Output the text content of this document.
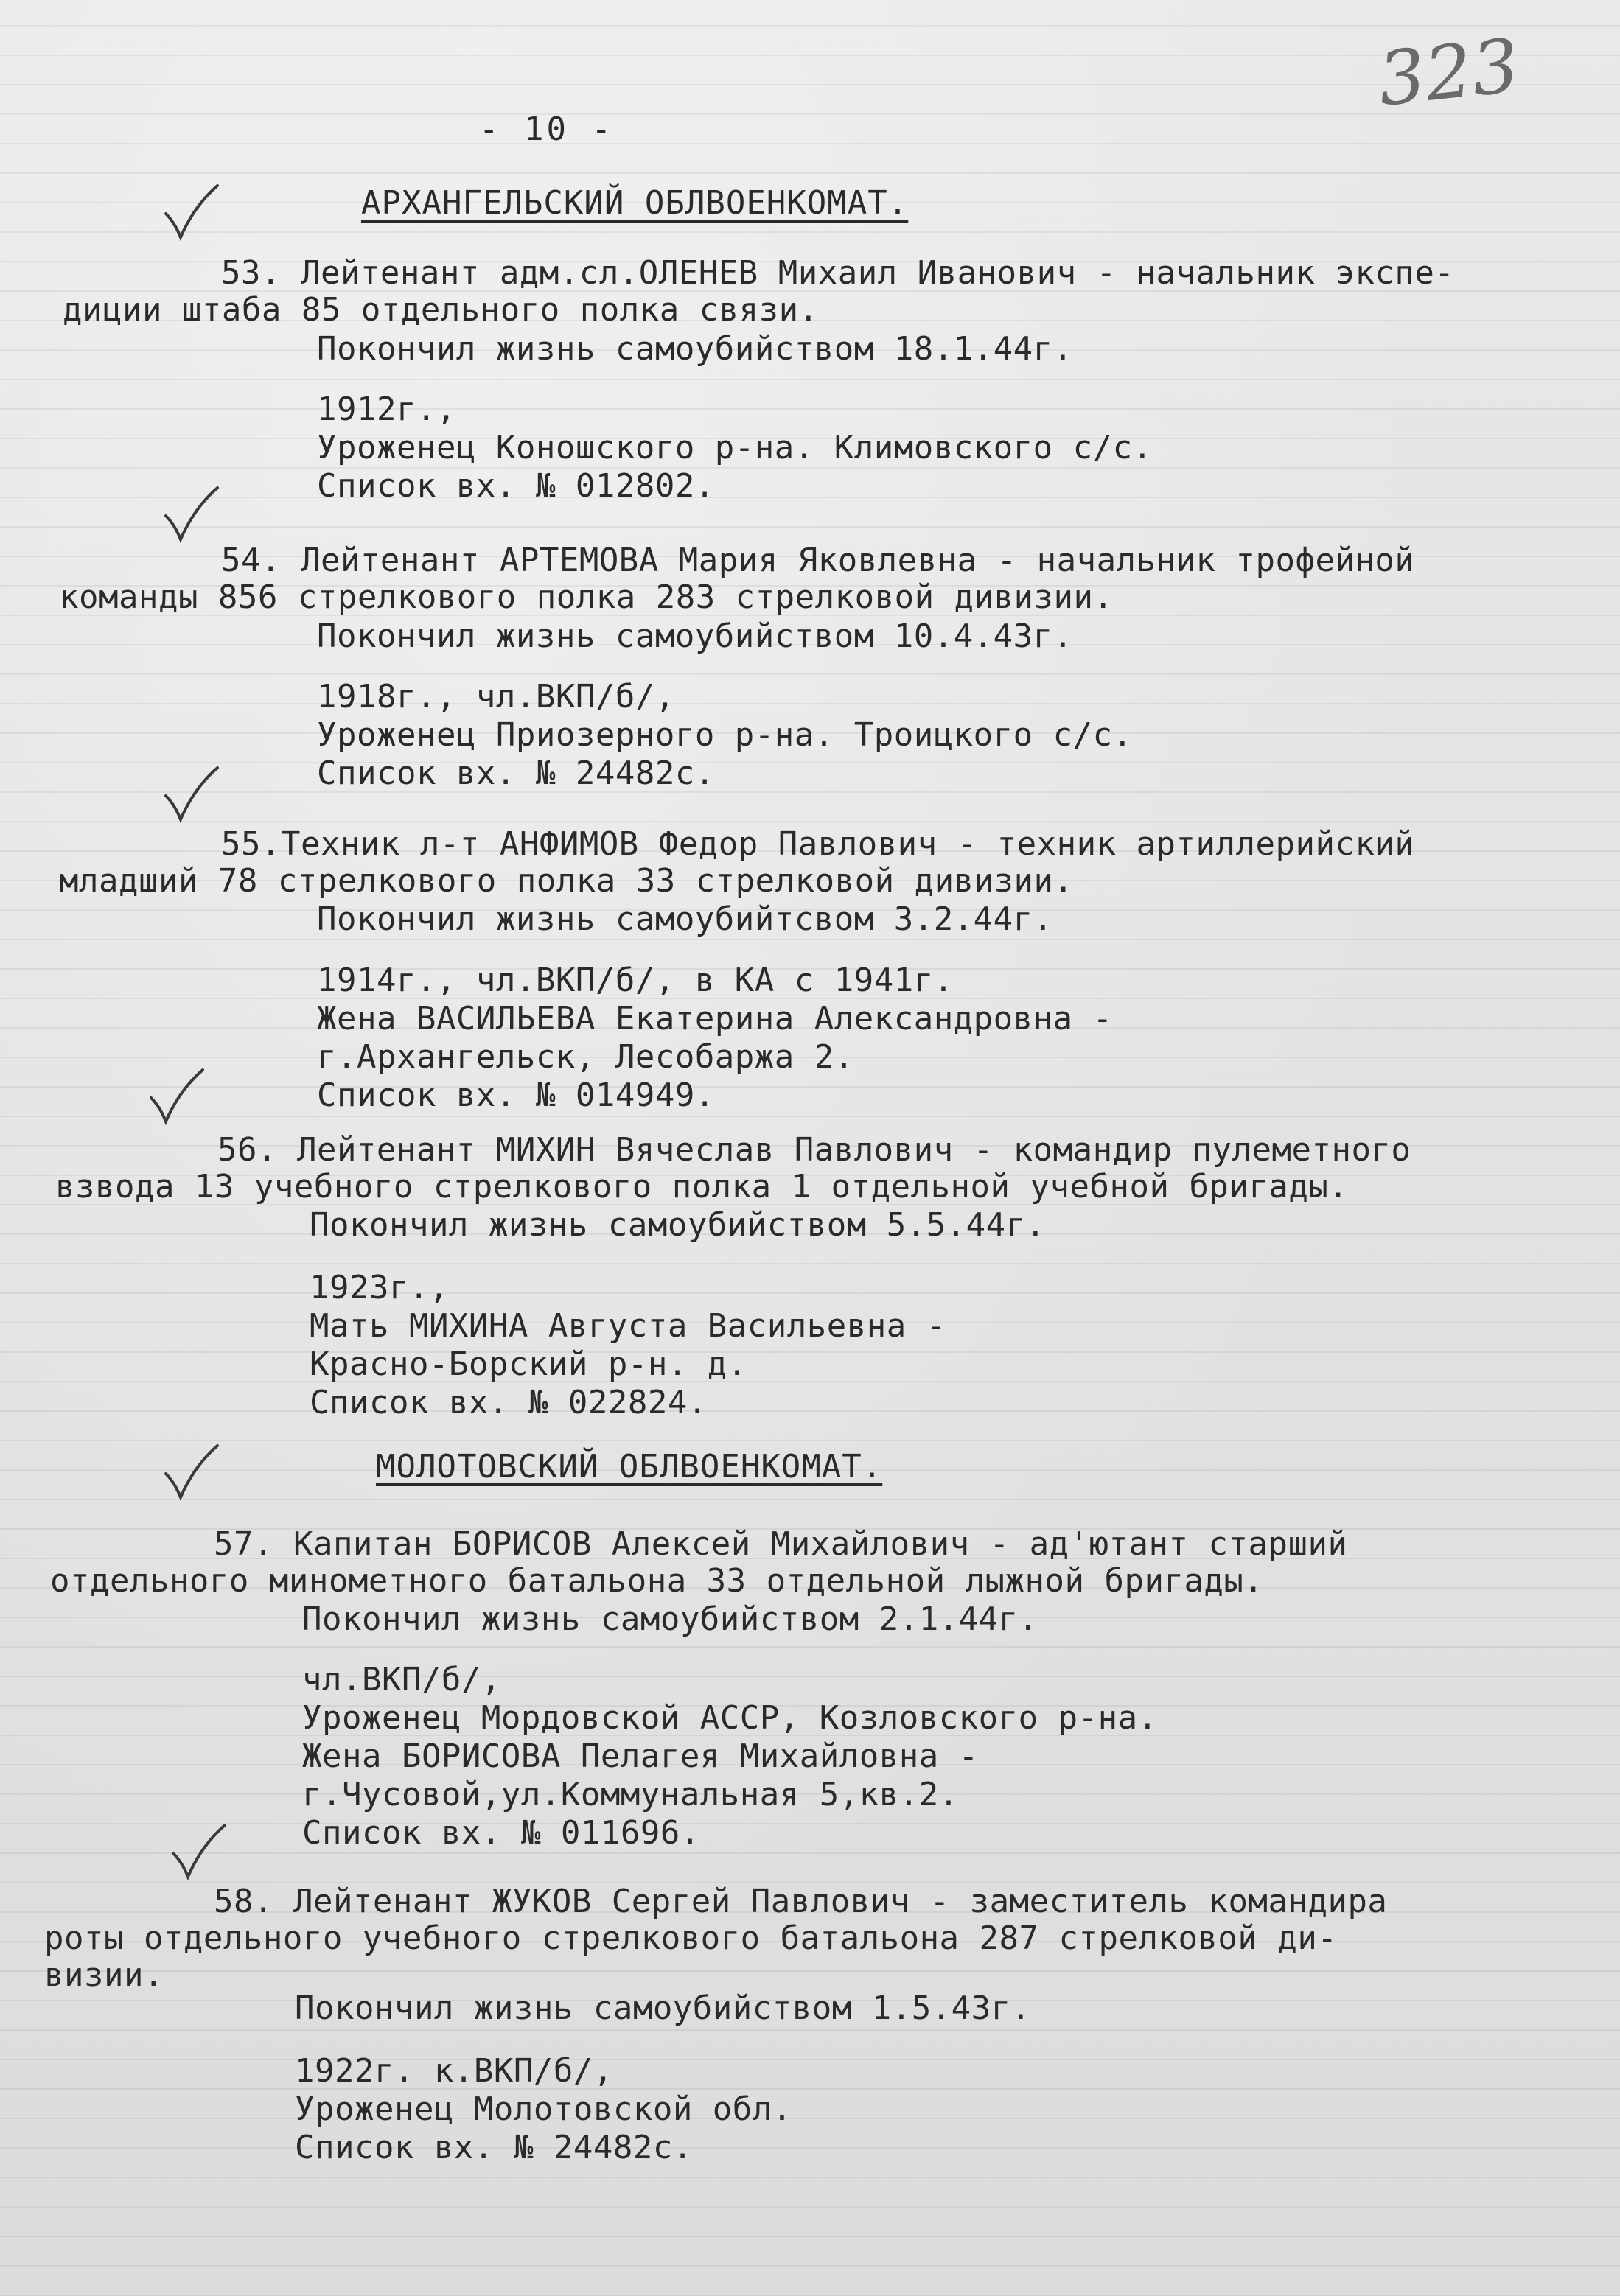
- 10 -
323
АРХАНГЕЛЬСКИЙ ОБЛВОЕНКОМАТ.
53. Лейтенант адм.сл.ОЛЕНЕВ Михаил Иванович - начальник экспе-
диции штаба 85 отдельного полка связи.
Покончил жизнь самоубийством 18.1.44г.
1912г.,
Уроженец Коношского р-на. Климовского с/с.
Список вх. № 012802.
54. Лейтенант АРТЕМОВА Мария Яковлевна - начальник трофейной
команды 856 стрелкового полка 283 стрелковой дивизии.
Покончил жизнь самоубийством 10.4.43г.
1918г., чл.ВКП/б/,
Уроженец Приозерного р-на. Троицкого с/с.
Список вх. № 24482с.
55.Техник л-т АНФИМОВ Федор Павлович - техник артиллерийский
младший 78 стрелкового полка 33 стрелковой дивизии.
Покончил жизнь самоубийтсвом 3.2.44г.
1914г., чл.ВКП/б/, в КА с 1941г.
Жена ВАСИЛЬЕВА Екатерина Александровна -
г.Архангельск, Лесобаржа 2.
Список вх. № 014949.
56. Лейтенант МИХИН Вячеслав Павлович - командир пулеметного
взвода 13 учебного стрелкового полка 1 отдельной учебной бригады.
Покончил жизнь самоубийством 5.5.44г.
1923г.,
Мать МИХИНА Августа Васильевна -
Красно-Борский р-н. д.
Список вх. № 022824.
МОЛОТОВСКИЙ ОБЛВОЕНКОМАТ.
57. Капитан БОРИСОВ Алексей Михайлович - ад'ютант старший
отдельного минометного батальона 33 отдельной лыжной бригады.
Покончил жизнь самоубийством 2.1.44г.
чл.ВКП/б/,
Уроженец Мордовской АССР, Козловского р-на.
Жена БОРИСОВА Пелагея Михайловна -
г.Чусовой,ул.Коммунальная 5,кв.2.
Список вх. № 011696.
58. Лейтенант ЖУКОВ Сергей Павлович - заместитель командира
роты отдельного учебного стрелкового батальона 287 стрелковой ди-
визии.
Покончил жизнь самоубийством 1.5.43г.
1922г. к.ВКП/б/,
Уроженец Молотовской обл.
Список вх. № 24482с.
